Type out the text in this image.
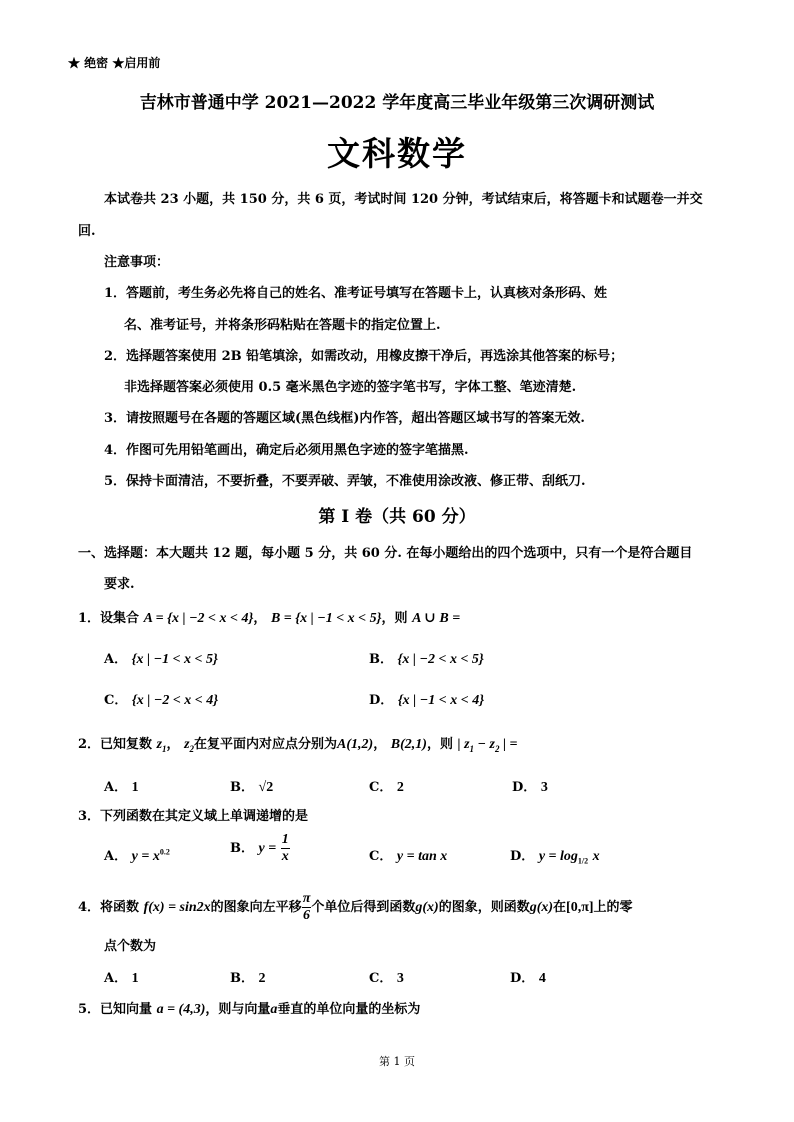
★ 绝密 ★启用前
吉林市普通中学 2021—2022 学年度高三毕业年级第三次调研测试
文科数学
本试卷共 23 小题，共 150 分，共 6 页，考试时间 120 分钟，考试结束后，将答题卡和试题卷一并交
回.
注意事项：
1．答题前，考生务必先将自己的姓名、准考证号填写在答题卡上，认真核对条形码、姓
名、准考证号，并将条形码粘贴在答题卡的指定位置上.
2．选择题答案使用 2B 铅笔填涂，如需改动，用橡皮擦干净后，再选涂其他答案的标号；
非选择题答案必须使用 0.5 毫米黑色字迹的签字笔书写，字体工整、笔迹清楚.
3．请按照题号在各题的答题区域(黑色线框)内作答，超出答题区域书写的答案无效.
4．作图可先用铅笔画出，确定后必须用黑色字迹的签字笔描黑.
5．保持卡面清洁，不要折叠，不要弄破、弄皱，不准使用涂改液、修正带、刮纸刀.
第 I 卷（共 60 分）
一、选择题：本大题共 12 题，每小题 5 分，共 60 分. 在每小题给出的四个选项中，只有一个是符合题目
要求.
1．设集合 A = {x | −2 < x < 4}， B = {x | −1 < x < 5}，则 A ∪ B =
A． {x | −1 < x < 5}	B． {x | −2 < x < 5}
C． {x | −2 < x < 4}	D． {x | −1 < x < 4}
2．已知复数 $z_1$， $z_2$在复平面内对应点分别为A(1,2)， B(2,1)，则 | $z_1 - z_2$ | =
A． 1	B． √2	C． 2	D． 3
3．下列函数在其定义域上单调递增的是
A． $y = x^{0.2}$	B． $y = \frac{1}{x}$	C． y = tan x	D． $y = \log_{1/2} x$
4．将函数 f(x) = sin2x的图象向左平移 $\frac{\pi}{6}$ 个单位后得到函数g(x)的图象，则函数g(x)在[0,π]上的零
点个数为
A． 1	B． 2	C． 3	D． 4
5．已知向量 a = (4,3)，则与向量a垂直的单位向量的坐标为
第 1 页
